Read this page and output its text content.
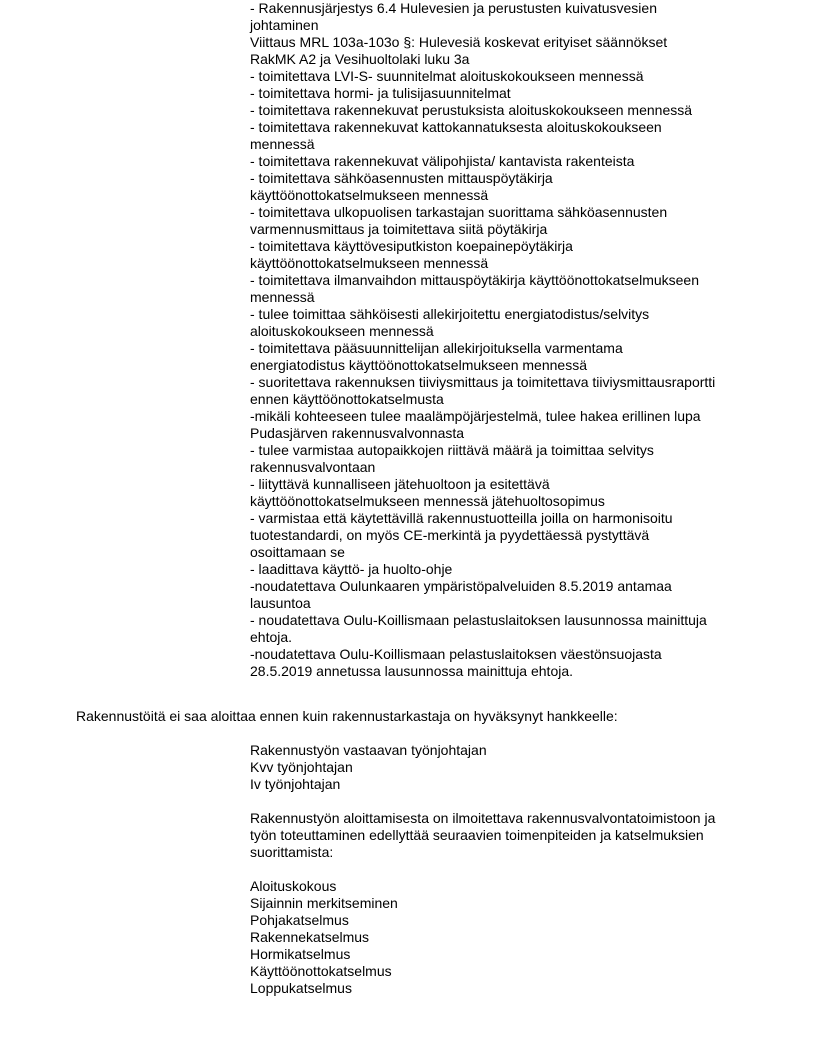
- Rakennusjärjestys 6.4 Hulevesien ja perustusten kuivatusvesien
johtaminen
Viittaus MRL 103a-103o §: Hulevesiä koskevat erityiset säännökset
RakMK A2 ja Vesihuoltolaki luku 3a
- toimitettava LVI-S- suunnitelmat aloituskokoukseen mennessä
- toimitettava hormi- ja tulisijasuunnitelmat
- toimitettava rakennekuvat perustuksista aloituskokoukseen mennessä
- toimitettava rakennekuvat kattokannatuksesta aloituskokoukseen
mennessä
- toimitettava rakennekuvat välipohjista/ kantavista rakenteista
- toimitettava sähköasennusten mittauspöytäkirja
käyttöönottokatselmukseen mennessä
- toimitettava ulkopuolisen tarkastajan suorittama sähköasennusten
varmennusmittaus ja toimitettava siitä pöytäkirja
- toimitettava käyttövesiputkiston koepainepöytäkirja
käyttöönottokatselmukseen mennessä
- toimitettava ilmanvaihdon mittauspöytäkirja käyttöönottokatselmukseen
mennessä
- tulee toimittaa sähköisesti allekirjoitettu energiatodistus/selvitys
aloituskokoukseen mennessä
- toimitettava pääsuunnittelijan allekirjoituksella varmentama
energiatodistus käyttöönottokatselmukseen mennessä
- suoritettava rakennuksen tiiviysmittaus ja toimitettava tiiviysmittausraportti
ennen käyttöönottokatselmusta
-mikäli kohteeseen tulee maalämpöjärjestelmä, tulee hakea erillinen lupa
Pudasjärven rakennusvalvonnasta
- tulee varmistaa autopaikkojen riittävä määrä ja toimittaa selvitys
rakennusvalvontaan
- liityttävä kunnalliseen jätehuoltoon ja esitettävä
käyttöönottokatselmukseen mennessä jätehuoltosopimus
- varmistaa että käytettävillä rakennustuotteilla joilla on harmonisoitu
tuotestandardi, on myös CE-merkintä ja pyydettäessä pystyttävä
osoittamaan se
- laadittava käyttö- ja huolto-ohje
-noudatettava Oulunkaaren ympäristöpalveluiden 8.5.2019 antamaa
lausuntoa
- noudatettava Oulu-Koillismaan pelastuslaitoksen lausunnossa mainittuja
ehtoja.
-noudatettava Oulu-Koillismaan pelastuslaitoksen väestönsuojasta
28.5.2019 annetussa lausunnossa mainittuja ehtoja.
Rakennustöitä ei saa aloittaa ennen kuin rakennustarkastaja on hyväksynyt hankkeelle:
Rakennustyön vastaavan työnjohtajan
Kvv työnjohtajan
Iv työnjohtajan
Rakennustyön aloittamisesta on ilmoitettava rakennusvalvontatoimistoon ja
työn toteuttaminen edellyttää seuraavien toimenpiteiden ja katselmuksien
suorittamista:
Aloituskokous
Sijainnin merkitseminen
Pohjakatselmus
Rakennekatselmus
Hormikatselmus
Käyttöönottokatselmus
Loppukatselmus
